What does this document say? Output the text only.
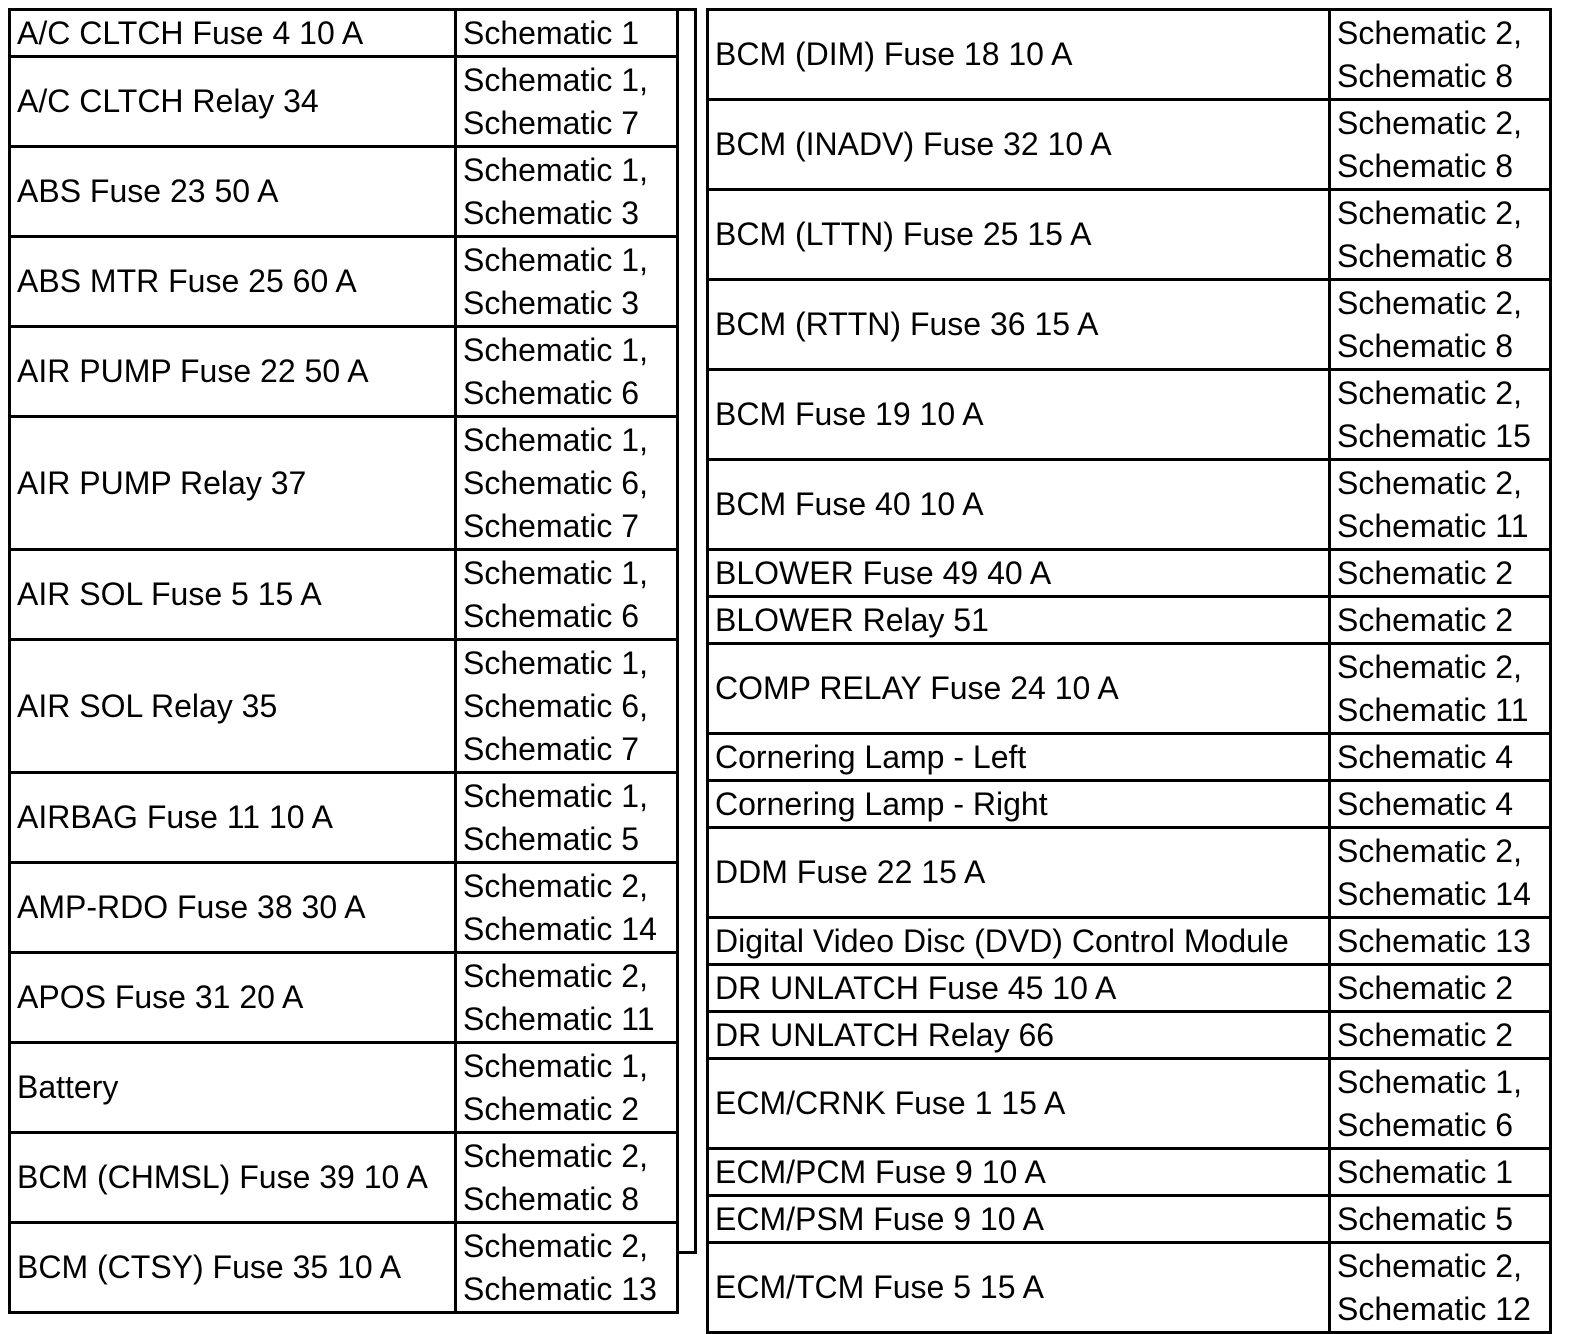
A/C CLTCH Fuse 4 10 A	Schematic 1

A/C CLTCH Relay 34	Schematic 1,
Schematic 7

ABS Fuse 23 50 A	Schematic 1,
Schematic 3

ABS MTR Fuse 25 60 A	Schematic 1,
Schematic 3

AIR PUMP Fuse 22 50 A	Schematic 1,
Schematic 6

AIR PUMP Relay 37	Schematic 1,
Schematic 6,
Schematic 7

AIR SOL Fuse 5 15 A	Schematic 1,
Schematic 6

AIR SOL Relay 35	Schematic 1,
Schematic 6,
Schematic 7

AIRBAG Fuse 11 10 A	Schematic 1,
Schematic 5

AMP-RDO Fuse 38 30 A	Schematic 2,
Schematic 14

APOS Fuse 31 20 A	Schematic 2,
Schematic 11

Battery	Schematic 1,
Schematic 2

BCM (CHMSL) Fuse 39 10 A	Schematic 2,
Schematic 8

BCM (CTSY) Fuse 35 10 A	Schematic 2,
Schematic 13
BCM (DIM) Fuse 18 10 A	Schematic 2,
Schematic 8

BCM (INADV) Fuse 32 10 A	Schematic 2,
Schematic 8

BCM (LTTN) Fuse 25 15 A	Schematic 2,
Schematic 8

BCM (RTTN) Fuse 36 15 A	Schematic 2,
Schematic 8

BCM Fuse 19 10 A	Schematic 2,
Schematic 15

BCM Fuse 40 10 A	Schematic 2,
Schematic 11

BLOWER Fuse 49 40 A	Schematic 2

BLOWER Relay 51	Schematic 2

COMP RELAY Fuse 24 10 A	Schematic 2,
Schematic 11

Cornering Lamp - Left	Schematic 4

Cornering Lamp - Right	Schematic 4

DDM Fuse 22 15 A	Schematic 2,
Schematic 14

Digital Video Disc (DVD) Control Module	Schematic 13

DR UNLATCH Fuse 45 10 A	Schematic 2

DR UNLATCH Relay 66	Schematic 2

ECM/CRNK Fuse 1 15 A	Schematic 1,
Schematic 6

ECM/PCM Fuse 9 10 A	Schematic 1

ECM/PSM Fuse 9 10 A	Schematic 5

ECM/TCM Fuse 5 15 A	Schematic 2,
Schematic 12
